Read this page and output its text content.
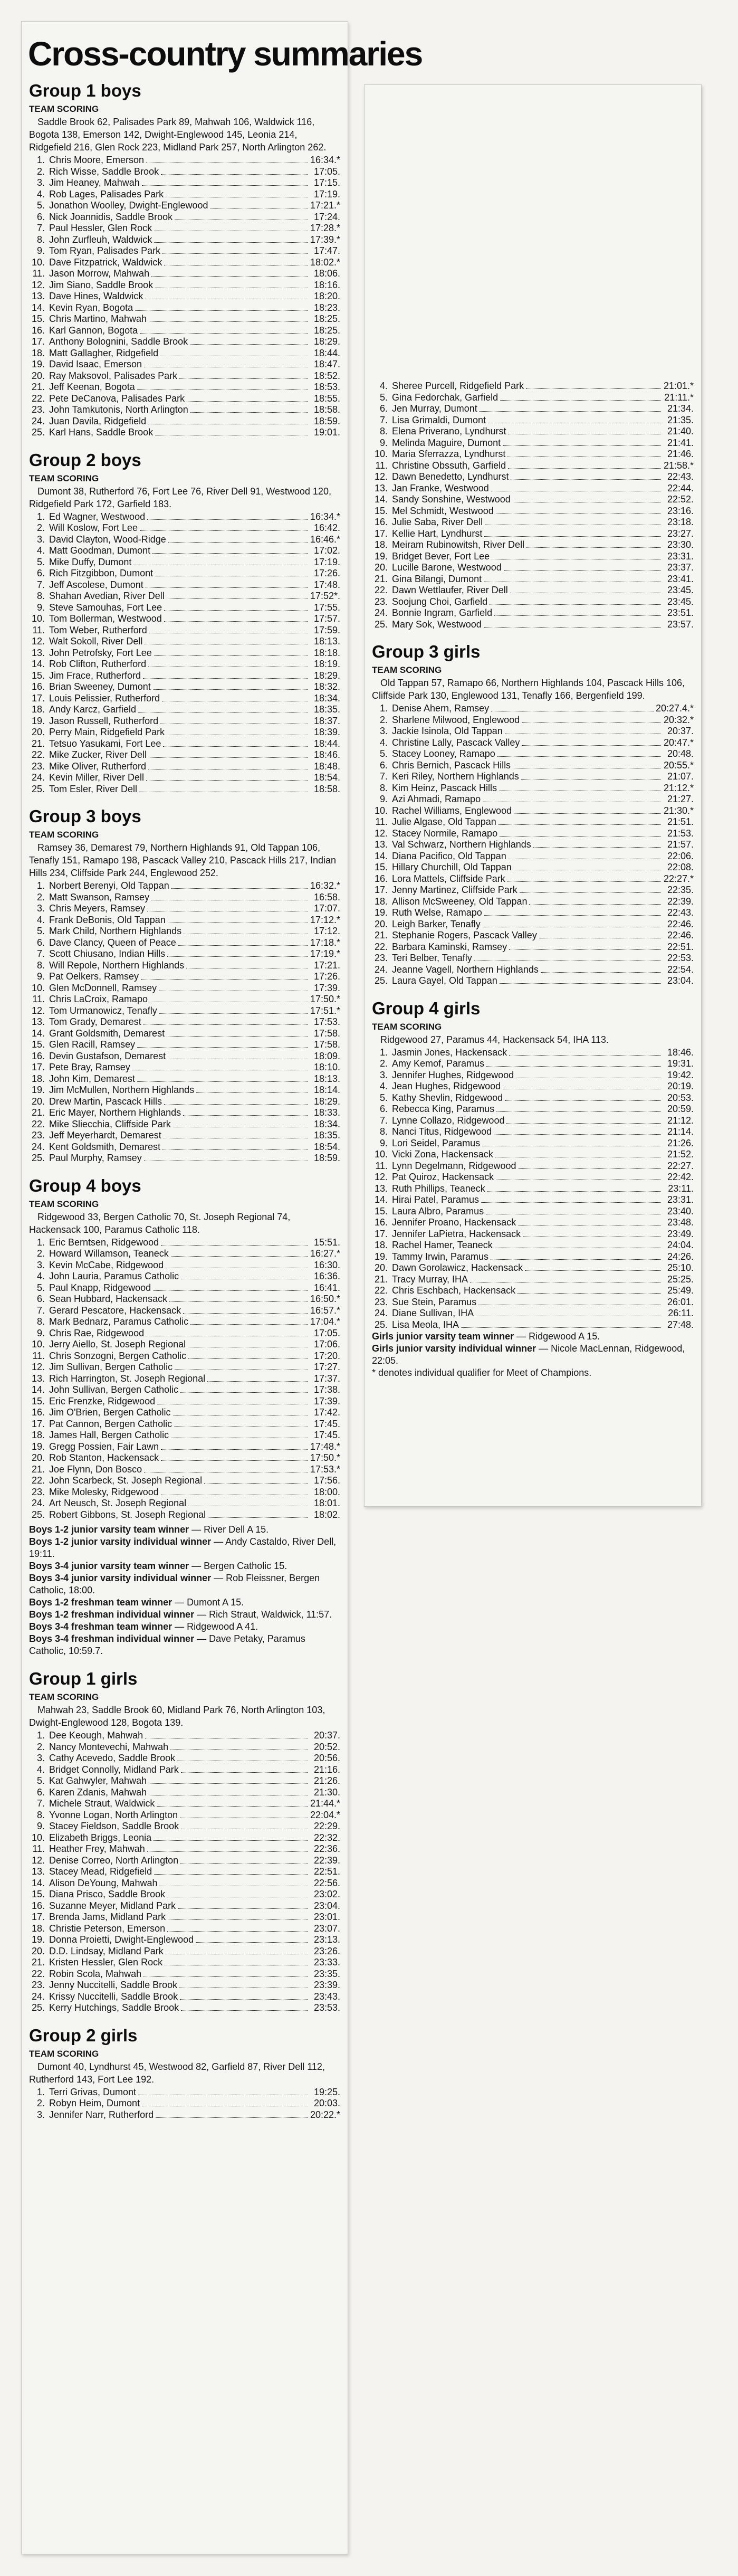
Cross-country summaries
Group 1 boys

TEAM SCORING

Saddle Brook 62, Palisades Park 89, Mahwah 106, Waldwick 116, Bogota 138, Emerson 142, Dwight-Englewood 145, Leonia 214, Ridgefield 216, Glen Rock 223, Midland Park 257, North Arlington 262.

1. Chris Moore, Emerson	16:34.*
2. Rich Wisse, Saddle Brook	17:05.
3. Jim Heaney, Mahwah	17:15.
4. Rob Lages, Palisades Park	17:19.
5. Jonathon Woolley, Dwight-Englewood	17:21.*
6. Nick Joannidis, Saddle Brook	17:24.
7. Paul Hessler, Glen Rock	17:28.*
8. John Zurfleuh, Waldwick	17:39.*
9. Tom Ryan, Palisades Park	17:47.
10. Dave Fitzpatrick, Waldwick	18:02.*
11. Jason Morrow, Mahwah	18:06.
12. Jim Siano, Saddle Brook	18:16.
13. Dave Hines, Waldwick	18:20.
14. Kevin Ryan, Bogota	18:23.
15. Chris Martino, Mahwah	18:25.
16. Karl Gannon, Bogota	18:25.
17. Anthony Bolognini, Saddle Brook	18:29.
18. Matt Gallagher, Ridgefield	18:44.
19. David Isaac, Emerson	18:47.
20. Ray Maksovol, Palisades Park	18:52.
21. Jeff Keenan, Bogota	18:53.
22. Pete DeCanova, Palisades Park	18:55.
23. John Tamkutonis, North Arlington	18:58.
24. Juan Davila, Ridgefield	18:59.
25. Karl Hans, Saddle Brook	19:01.
Group 2 boys

TEAM SCORING

Dumont 38, Rutherford 76, Fort Lee 76, River Dell 91, Westwood 120, Ridgefield Park 172, Garfield 183.

1. Ed Wagner, Westwood	16:34.*
2. Will Koslow, Fort Lee	16:42.
3. David Clayton, Wood-Ridge	16:46.*
4. Matt Goodman, Dumont	17:02.
5. Mike Duffy, Dumont	17:19.
6. Rich Fitzgibbon, Dumont	17:26.
7. Jeff Ascolese, Dumont	17:48.
8. Shahan Avedian, River Dell	17:52*.
9. Steve Samouhas, Fort Lee	17:55.
10. Tom Bollerman, Westwood	17:57.
11. Tom Weber, Rutherford	17:59.
12. Walt Sokoll, River Dell	18:13.
13. John Petrofsky, Fort Lee	18:18.
14. Rob Clifton, Rutherford	18:19.
15. Jim Frace, Rutherford	18:29.
16. Brian Sweeney, Dumont	18:32.
17. Louis Pelissier, Rutherford	18:34.
18. Andy Karcz, Garfield	18:35.
19. Jason Russell, Rutherford	18:37.
20. Perry Main, Ridgefield Park	18:39.
21. Tetsuo Yasukami, Fort Lee	18:44.
22. Mike Zucker, River Dell	18:46.
23. Mike Oliver, Rutherford	18:48.
24. Kevin Miller, River Dell	18:54.
25. Tom Esler, River Dell	18:58.
Group 3 boys

TEAM SCORING

Ramsey 36, Demarest 79, Northern Highlands 91, Old Tappan 106, Tenafly 151, Ramapo 198, Pascack Valley 210, Pascack Hills 217, Indian Hills 234, Cliffside Park 244, Englewood 252.

1. Norbert Berenyi, Old Tappan	16:32.*
2. Matt Swanson, Ramsey	16:58.
3. Chris Meyers, Ramsey	17:07.
4. Frank DeBonis, Old Tappan	17:12.*
5. Mark Child, Northern Highlands	17:12.
6. Dave Clancy, Queen of Peace	17:18.*
7. Scott Chiusano, Indian Hills	17:19.*
8. Will Repole, Northern Highlands	17:21.
9. Pat Oelkers, Ramsey	17:26.
10. Glen McDonnell, Ramsey	17:39.
11. Chris LaCroix, Ramapo	17:50.*
12. Tom Urmanowicz, Tenafly	17:51.*
13. Tom Grady, Demarest	17:53.
14. Grant Goldsmith, Demarest	17:58.
15. Glen Racill, Ramsey	17:58.
16. Devin Gustafson, Demarest	18:09.
17. Pete Bray, Ramsey	18:10.
18. John Kim, Demarest	18:13.
19. Jim McMullen, Northern Highlands	18:14.
20. Drew Martin, Pascack Hills	18:29.
21. Eric Mayer, Northern Highlands	18:33.
22. Mike Sliecchia, Cliffside Park	18:34.
23. Jeff Meyerhardt, Demarest	18:35.
24. Kent Goldsmith, Demarest	18:54.
25. Paul Murphy, Ramsey	18:59.
Group 4 boys

TEAM SCORING

Ridgewood 33, Bergen Catholic 70, St. Joseph Regional 74, Hackensack 100, Paramus Catholic 118.

1. Eric Berntsen, Ridgewood	15:51.
2. Howard Willamson, Teaneck	16:27.*
3. Kevin McCabe, Ridgewood	16:30.
4. John Lauria, Paramus Catholic	16:36.
5. Paul Knapp, Ridgewood	16:41.
6. Sean Hubbard, Hackensack	16:50.*
7. Gerard Pescatore, Hackensack	16:57.*
8. Mark Bednarz, Paramus Catholic	17:04.*
9. Chris Rae, Ridgewood	17:05.
10. Jerry Aiello, St. Joseph Regional	17:06.
11. Chris Sonzogni, Bergen Catholic	17:20.
12. Jim Sullivan, Bergen Catholic	17:27.
13. Rich Harrington, St. Joseph Regional	17:37.
14. John Sullivan, Bergen Catholic	17:38.
15. Eric Frenzke, Ridgewood	17:39.
16. Jim O'Brien, Bergen Catholic	17:42.
17. Pat Cannon, Bergen Catholic	17:45.
18. James Hall, Bergen Catholic	17:45.
19. Gregg Possien, Fair Lawn	17:48.*
20. Rob Stanton, Hackensack	17:50.*
21. Joe Flynn, Don Bosco	17:53.*
22. John Scarbeck, St. Joseph Regional	17:56.
23. Mike Molesky, Ridgewood	18:00.
24. Art Neusch, St. Joseph Regional	18:01.
25. Robert Gibbons, St. Joseph Regional	18:02.

Boys 1-2 junior varsity team winner — River Dell A 15.

Boys 1-2 junior varsity individual winner — Andy Castaldo, River Dell, 19:11.

Boys 3-4 junior varsity team winner — Bergen Catholic 15.

Boys 3-4 junior varsity individual winner — Rob Fleissner, Bergen Catholic, 18:00.

Boys 1-2 freshman team winner — Dumont A 15.

Boys 1-2 freshman individual winner — Rich Straut, Waldwick, 11:57.

Boys 3-4 freshman team winner — Ridgewood A 41.

Boys 3-4 freshman individual winner — Dave Petaky, Paramus Catholic, 10:59.7.

Group 1 girls

TEAM SCORING

Mahwah 23, Saddle Brook 60, Midland Park 76, North Arlington 103, Dwight-Englewood 128, Bogota 139.

1. Dee Keough, Mahwah	20:37.
2. Nancy Montevechi, Mahwah	20:52.
3. Cathy Acevedo, Saddle Brook	20:56.
4. Bridget Connolly, Midland Park	21:16.
5. Kat Gahwyler, Mahwah	21:26.
6. Karen Zdanis, Mahwah	21:30.
7. Michele Straut, Waldwick	21:44.*
8. Yvonne Logan, North Arlington	22:04.*
9. Stacey Fieldson, Saddle Brook	22:29.
10. Elizabeth Briggs, Leonia	22:32.
11. Heather Frey, Mahwah	22:36.
12. Denise Correo, North Arlington	22:39.
13. Stacey Mead, Ridgefield	22:51.
14. Alison DeYoung, Mahwah	22:56.
15. Diana Prisco, Saddle Brook	23:02.
16. Suzanne Meyer, Midland Park	23:04.
17. Brenda Jams, Midland Park	23:01.
18. Christie Peterson, Emerson	23:07.
19. Donna Proietti, Dwight-Englewood	23:13.
20. D.D. Lindsay, Midland Park	23:26.
21. Kristen Hessler, Glen Rock	23:33.
22. Robin Scola, Mahwah	23:35.
23. Jenny Nuccitelli, Saddle Brook	23:39.
24. Krissy Nuccitelli, Saddle Brook	23:43.
25. Kerry Hutchings, Saddle Brook	23:53.
Group 2 girls

TEAM SCORING

Dumont 40, Lyndhurst 45, Westwood 82, Garfield 87, River Dell 112, Rutherford 143, Fort Lee 192.

1. Terri Grivas, Dumont	19:25.
2. Robyn Heim, Dumont	20:03.
3. Jennifer Narr, Rutherford	20:22.*
4. Sheree Purcell, Ridgefield Park	21:01.*
5. Gina Fedorchak, Garfield	21:11.*
6. Jen Murray, Dumont	21:34.
7. Lisa Grimaldi, Dumont	21:35.
8. Elena Priverano, Lyndhurst	21:40.
9. Melinda Maguire, Dumont	21:41.
10. Maria Sferrazza, Lyndhurst	21:46.
11. Christine Obssuth, Garfield	21:58.*
12. Dawn Benedetto, Lyndhurst	22:43.
13. Jan Franke, Westwood	22:44.
14. Sandy Sonshine, Westwood	22:52.
15. Mel Schmidt, Westwood	23:16.
16. Julie Saba, River Dell	23:18.
17. Kellie Hart, Lyndhurst	23:27.
18. Meiram Rubinowitsh, River Dell	23:30.
19. Bridget Bever, Fort Lee	23:31.
20. Lucille Barone, Westwood	23:37.
21. Gina Bilangi, Dumont	23:41.
22. Dawn Wettlaufer, River Dell	23:45.
23. Soojung Choi, Garfield	23:45.
24. Bonnie Ingram, Garfield	23:51.
25. Mary Sok, Westwood	23:57.
Group 3 girls

TEAM SCORING

Old Tappan 57, Ramapo 66, Northern Highlands 104, Pascack Hills 106, Cliffside Park 130, Englewood 131, Tenafly 166, Bergenfield 199.

1. Denise Ahern, Ramsey	20:27.4.*
2. Sharlene Milwood, Englewood	20:32.*
3. Jackie Isinola, Old Tappan	20:37.
4. Christine Lally, Pascack Valley	20:47.*
5. Stacey Looney, Ramapo	20:48.
6. Chris Bernich, Pascack Hills	20:55.*
7. Keri Riley, Northern Highlands	21:07.
8. Kim Heinz, Pascack Hills	21:12.*
9. Azi Ahmadi, Ramapo	21:27.
10. Rachel Williams, Englewood	21:30.*
11. Julie Algase, Old Tappan	21:51.
12. Stacey Normile, Ramapo	21:53.
13. Val Schwarz, Northern Highlands	21:57.
14. Diana Pacifico, Old Tappan	22:06.
15. Hillary Churchill, Old Tappan	22:08.
16. Lora Mattels, Cliffside Park	22:27.*
17. Jenny Martinez, Cliffside Park	22:35.
18. Allison McSweeney, Old Tappan	22:39.
19. Ruth Welse, Ramapo	22:43.
20. Leigh Barker, Tenafly	22:46.
21. Stephanie Rogers, Pascack Valley	22:46.
22. Barbara Kaminski, Ramsey	22:51.
23. Teri Belber, Tenafly	22:53.
24. Jeanne Vagell, Northern Highlands	22:54.
25. Laura Gayel, Old Tappan	23:04.
Group 4 girls

TEAM SCORING

Ridgewood 27, Paramus 44, Hackensack 54, IHA 113.

1. Jasmin Jones, Hackensack	18:46.
2. Amy Kemof, Paramus	19:31.
3. Jennifer Hughes, Ridgewood	19:42.
4. Jean Hughes, Ridgewood	20:19.
5. Kathy Shevlin, Ridgewood	20:53.
6. Rebecca King, Paramus	20:59.
7. Lynne Collazo, Ridgewood	21:12.
8. Nanci Titus, Ridgewood	21:14.
9. Lori Seidel, Paramus	21:26.
10. Vicki Zona, Hackensack	21:52.
11. Lynn Degelmann, Ridgewood	22:27.
12. Pat Quiroz, Hackensack	22:42.
13. Ruth Phillips, Teaneck	23:11.
14. Hirai Patel, Paramus	23:31.
15. Laura Albro, Paramus	23:40.
16. Jennifer Proano, Hackensack	23:48.
17. Jennifer LaPietra, Hackensack	23:49.
18. Rachel Hamer, Teaneck	24:04.
19. Tammy Irwin, Paramus	24:26.
20. Dawn Gorolawicz, Hackensack	25:10.
21. Tracy Murray, IHA	25:25.
22. Chris Eschbach, Hackensack	25:49.
23. Sue Stein, Paramus	26:01.
24. Diane Sullivan, IHA	26:11.
25. Lisa Meola, IHA	27:48.

Girls junior varsity team winner — Ridgewood A 15.

Girls junior varsity individual winner — Nicole MacLennan, Ridgewood, 22:05.

* denotes individual qualifier for Meet of Champions.
